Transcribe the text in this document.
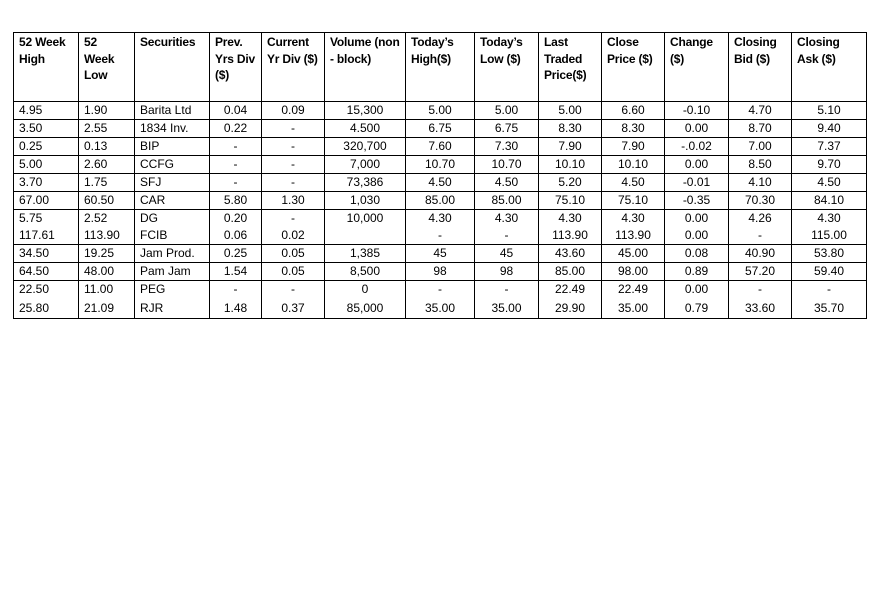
52 Week High	52 Week Low	Securities	Prev. Yrs Div ($)	Current Yr Div ($)	Volume (non - block)	Today’s High($)	Today’s Low ($)	Last Traded Price($)	Close Price ($)	Change ($)	Closing Bid ($)	Closing Ask ($)
4.95	1.90	Barita Ltd	0.04	0.09	15,300	5.00	5.00	5.00	6.60	-0.10	4.70	5.10
3.50	2.55	1834 Inv.	0.22	-	4.500	6.75	6.75	8.30	8.30	0.00	8.70	9.40
0.25	0.13	BIP	-	-	320,700	7.60	7.30	7.90	7.90	-.0.02	7.00	7.37
5.00	2.60	CCFG	-	-	7,000	10.70	10.70	10.10	10.10	0.00	8.50	9.70
3.70	1.75	SFJ	-	-	73,386	4.50	4.50	5.20	4.50	-0.01	4.10	4.50
67.00	60.50	CAR	5.80	1.30	1,030	85.00	85.00	75.10	75.10	-0.35	70.30	84.10
5.75	2.52	DG	0.20	-	10,000	4.30	4.30	4.30	4.30	0.00	4.26	4.30
117.61	113.90	FCIB	0.06	0.02		-	-	113.90	113.90	0.00	-	115.00
34.50	19.25	Jam Prod.	0.25	0.05	1,385	45	45	43.60	45.00	0.08	40.90	53.80
64.50	48.00	Pam Jam	1.54	0.05	8,500	98	98	85.00	98.00	0.89	57.20	59.40
22.50	11.00	PEG	-	-	0	-	-	22.49	22.49	0.00	-	-
25.80	21.09	RJR	1.48	0.37	85,000	35.00	35.00	29.90	35.00	0.79	33.60	35.70
